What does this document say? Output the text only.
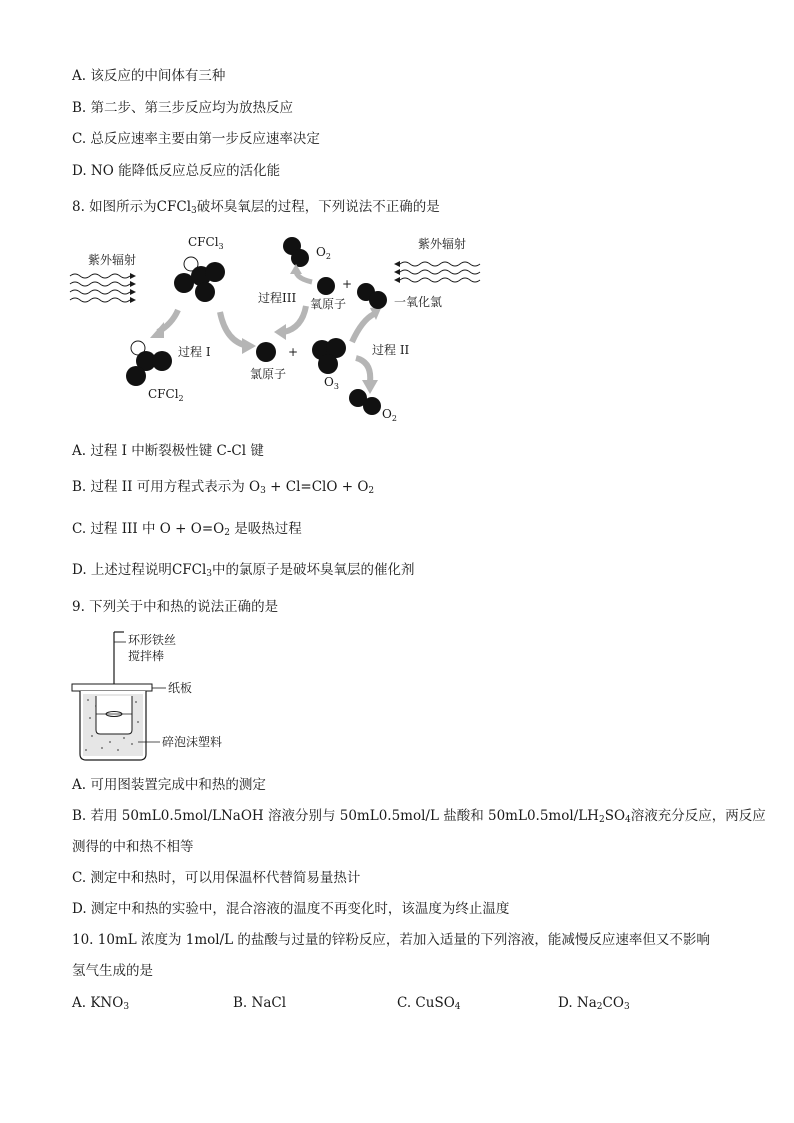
A. 该反应的中间体有三种
B. 第二步、第三步反应均为放热反应
C. 总反应速率主要由第一步反应速率决定
D. NO 能降低反应总反应的活化能
8. 如图所示为CFCl$_3$破坏臭氧层的过程，下列说法不正确的是
紫外辐射
CFCl$_3$
过程 I
CFCl$_2$
氯原子
+
$O_3$
过程 II
$O_2$
$O_2$
+
氧原子	一氧化氯
过程III
紫外辐射
A. 过程 I 中断裂极性键 C-Cl 键
B. 过程 II 可用方程式表示为 $O_3 + Cl=ClO + O_2$
C. 过程 III 中 $O + O=O_2$ 是吸热过程
D. 上述过程说明CFCl$_3$中的氯原子是破坏臭氧层的催化剂
9. 下列关于中和热的说法正确的是
环形铁丝
搅拌棒
纸板
碎泡沫塑料
A. 可用图装置完成中和热的测定
B. 若用 50mL0.5mol/LNaOH 溶液分别与 50mL0.5mol/L 盐酸和 $50mL0.5mol/LH_2SO_4$溶液充分反应，两反应
测得的中和热不相等
C. 测定中和热时，可以用保温杯代替简易量热计
D. 测定中和热的实验中，混合溶液的温度不再变化时，该温度为终止温度
10. 10mL 浓度为 1mol/L 的盐酸与过量的锌粉反应，若加入适量的下列溶液，能减慢反应速率但又不影响
氢气生成的是
A. $KNO_3$	B. NaCl	C. CuSO$_4$	D. $Na_2CO_3$
